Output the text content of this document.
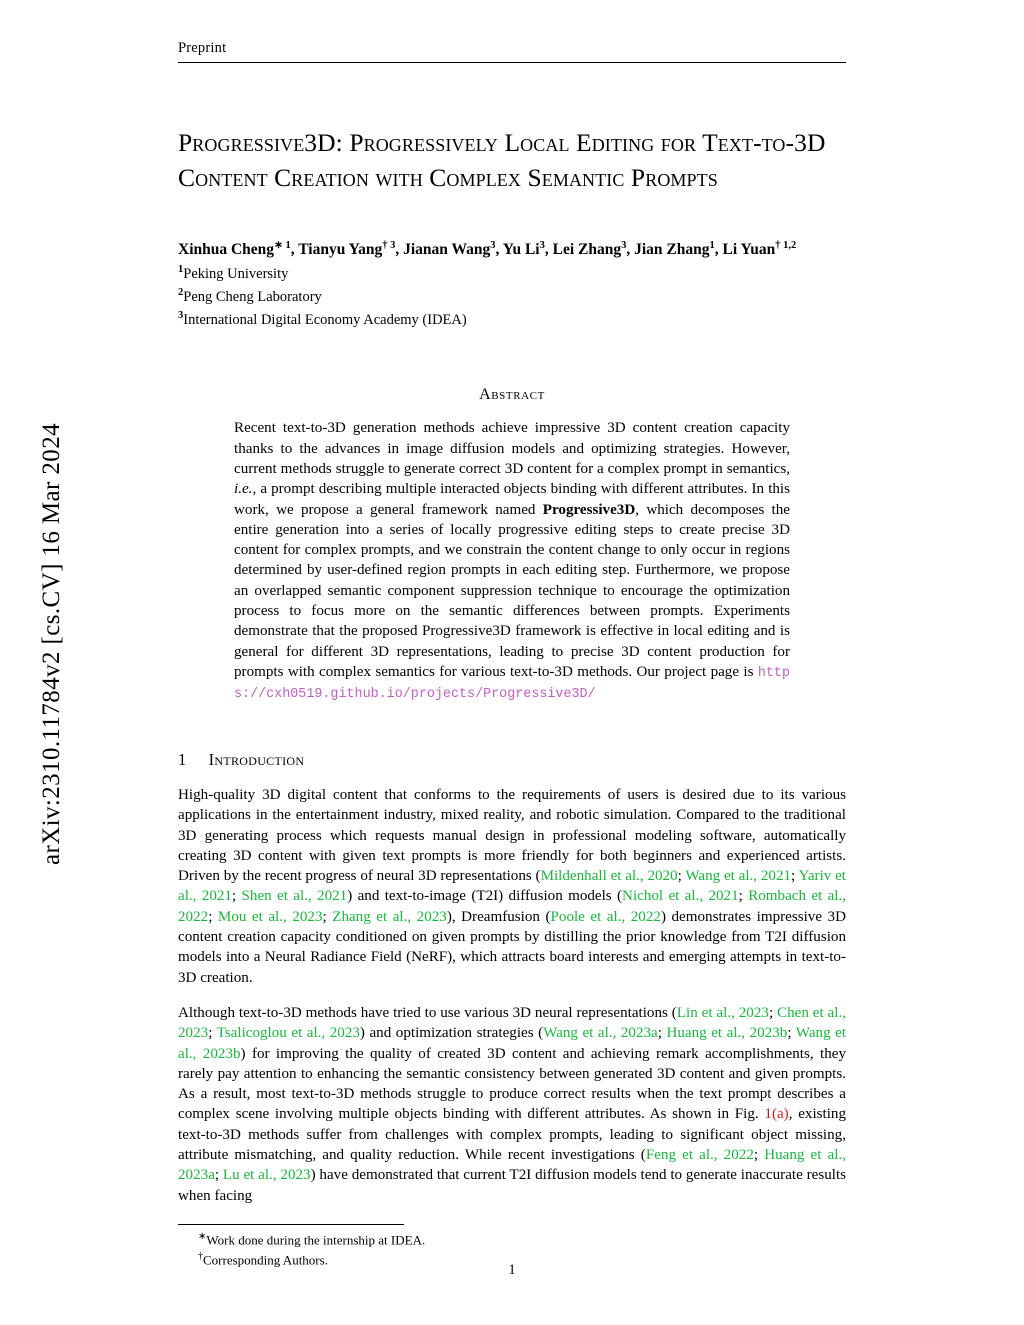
arXiv:2310.11784v2 [cs.CV] 16 Mar 2024
Preprint
Progressive3D: Progressively Local Editing for Text-to-3D Content Creation with Complex Semantic Prompts
Xinhua Cheng$^{∗ 1}$, Tianyu Yang$^{\dagger 3}$, Jianan Wang$^3$, Yu Li$^3$, Lei Zhang$^3$, Jian Zhang$^1$, Li Yuan$^{\dagger 1,2}$
$^1$Peking University
$^2$Peng Cheng Laboratory
$^3$International Digital Economy Academy (IDEA)
Abstract
Recent text-to-3D generation methods achieve impressive 3D content creation capacity thanks to the advances in image diffusion models and optimizing strategies. However, current methods struggle to generate correct 3D content for a complex prompt in semantics, i.e., a prompt describing multiple interacted objects binding with different attributes. In this work, we propose a general framework named Progressive3D, which decomposes the entire generation into a series of locally progressive editing steps to create precise 3D content for complex prompts, and we constrain the content change to only occur in regions determined by user-defined region prompts in each editing step. Furthermore, we propose an overlapped semantic component suppression technique to encourage the optimization process to focus more on the semantic differences between prompts. Experiments demonstrate that the proposed Progressive3D framework is effective in local editing and is general for different 3D representations, leading to precise 3D content production for prompts with complex semantics for various text-to-3D methods. Our project page is https://cxh0519.github.io/projects/Progressive3D/
1 Introduction
High-quality 3D digital content that conforms to the requirements of users is desired due to its various applications in the entertainment industry, mixed reality, and robotic simulation. Compared to the traditional 3D generating process which requests manual design in professional modeling software, automatically creating 3D content with given text prompts is more friendly for both beginners and experienced artists. Driven by the recent progress of neural 3D representations (Mildenhall et al., 2020; Wang et al., 2021; Yariv et al., 2021; Shen et al., 2021) and text-to-image (T2I) diffusion models (Nichol et al., 2021; Rombach et al., 2022; Mou et al., 2023; Zhang et al., 2023), Dreamfusion (Poole et al., 2022) demonstrates impressive 3D content creation capacity conditioned on given prompts by distilling the prior knowledge from T2I diffusion models into a Neural Radiance Field (NeRF), which attracts board interests and emerging attempts in text-to-3D creation.
Although text-to-3D methods have tried to use various 3D neural representations (Lin et al., 2023; Chen et al., 2023; Tsalicoglou et al., 2023) and optimization strategies (Wang et al., 2023a; Huang et al., 2023b; Wang et al., 2023b) for improving the quality of created 3D content and achieving remark accomplishments, they rarely pay attention to enhancing the semantic consistency between generated 3D content and given prompts. As a result, most text-to-3D methods struggle to produce correct results when the text prompt describes a complex scene involving multiple objects binding with different attributes. As shown in Fig. 1(a), existing text-to-3D methods suffer from challenges with complex prompts, leading to significant object missing, attribute mismatching, and quality reduction. While recent investigations (Feng et al., 2022; Huang et al., 2023a; Lu et al., 2023) have demonstrated that current T2I diffusion models tend to generate inaccurate results when facing
∗Work done during the internship at IDEA.
†Corresponding Authors.
1
